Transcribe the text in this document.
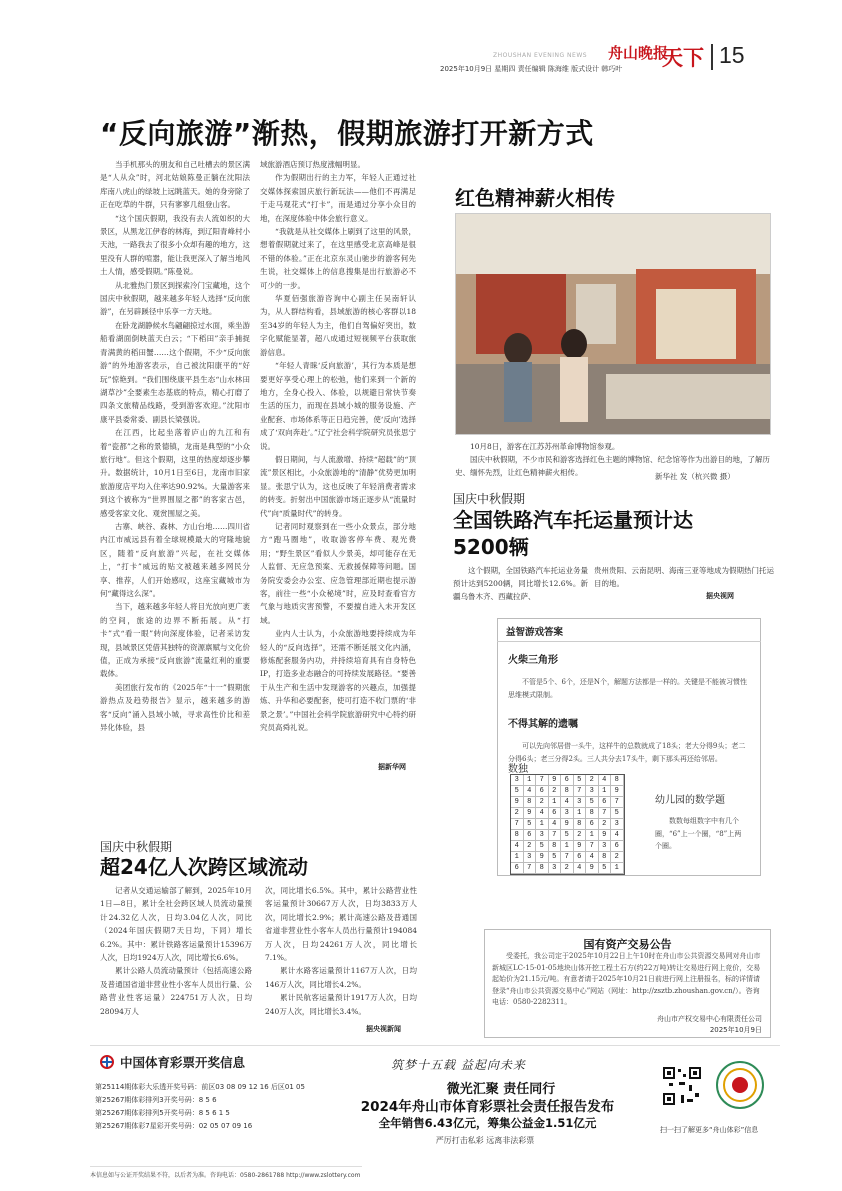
ZHOUSHAN EVENING NEWS 舟山晚报
天下 15
2025年10月9日 星期四 责任编辑 陈海维 版式设计 韩巧叶
“反向旅游”渐热，假期旅游打开新方式

当手机那头的朋友和自己吐槽去的景区满是“人从众”时，河北姑娘陈曼正躺在沈阳法库南八虎山的绿坡上远眺蓝天。她的身旁除了正在吃草的牛群，只有寥寥几组登山客。

“这个国庆假期，我没有去人流如织的大景区，从黑龙江伊春的林海，到辽阳青峰村小天池，一路我去了很多小众却有趣的地方，这里没有人群的喧嚣，能让我更深入了解当地风土人情，感受假期。”陈曼说。

从北雅热门景区到探索冷门宝藏地，这个国庆中秋假期，越来越多年轻人选择“反向旅游”，在另辟蹊径中乐享一方天地。

在卧龙湖静候水鸟翩翩掠过水面，乘坐游船看湖面倒映蓝天白云；“下稻田”亲手捕捉青满黄的稻田蟹……这个假期，不少“反向旅游”的外地游客表示，自己被沈阳康平的“好玩”惊艳到。“我们围绕康平县生态“山水林田湖草沙”全要素生态基底的特点，精心打磨了四条文旅精品线路，受到游客欢迎。”沈阳市康平县委常委、副县长梁强说。

在江西，比起坐落着庐山的九江和有着“瓷都”之称的景德镇，龙南是典型的“小众旅行地”。但这个假期，这里的热度却逐步攀升。数据统计，10月1日至6日，龙南市旧家旅游度店平均入住率达90.92%。大量游客来到这个被称为“世界围屋之都”的客家古邑，感受客家文化、观赏围屋之美。

古寨、峡谷、森林、方山台地……四川省内江市威远县有着全球规模最大的穹隆地貌区，随着“反向旅游”兴起，在社交媒体上，“打卡”威远的贴文被越来越多网民分享、推荐，人们开始感叹，这座宝藏城市为何“藏得这么深”。

当下，越来越多年轻人将目光放向更广袤的空间，旅途的边界不断拓展。从“打卡”式“看一眼”转向深度体验，记者采访发现，县域景区凭借其独特的资源禀赋与文化价值，正成为承接“反向旅游”流量红利的重要载体。

美团旅行发布的《2025年“十一”假期旅游热点及趋势报告》显示，越来越多的游客“反向”涌入县域小城，寻求高性价比和差异化体验，县

域旅游酒店预订热度涨幅明显。

作为假期出行的主力军，年轻人正通过社交媒体探索国庆旅行新玩法——他们不再满足于走马观花式“打卡”，而是通过分享小众目的地，在深度体验中体会旅行意义。

“我就是从社交媒体上刷到了这里的风景，想着假期就过来了，在这里感受北京高峰是很不错的体验。”正在北京东灵山驰步的游客何先生说，社交媒体上的信息搜集是出行旅游必不可少的一步。

华夏佰强旅游咨询中心副主任吴南轩认为，从人群结构看，县域旅游的核心客群以18至34岁的年轻人为主，他们自驾偏好突出，数字化赋能显著，超八成通过短视频平台获取旅游信息。

“年轻人青睐‘反向旅游’，其行为本质是想要更好享受心理上的松弛，他们来到一个新的地方，全身心投入、体验，以规避日常快节奏生活的压力，而现在县域小城的服务设施、产业配套、市场体系等正日趋完善，使‘反向’选择成了‘双向奔赴’。”辽宁社会科学院研究员张思宁说。

假日期间，与人流激增、持续“超载”的“顶流”景区相比，小众旅游地的“清静”优势更加明显。张思宁认为，这也反映了年轻消费者需求的转变。折射出中国旅游市场正逐步从“流量时代”向“质量时代”的转身。

记者同时观察到在一些小众景点，部分地方“跑马圈地”，收取游客停车费、观光费用；“野生景区”看似人少景美，却可能存在无人监督、无应急预案、无救援保障等问题。国务院安委会办公室、应急管理部近期也提示游客，前往一些“小众秘境”时，应及时查看官方气象与地质灾害预警，不要擅自进入未开发区域。

业内人士认为，小众旅游地要持续成为年轻人的“反向选择”，还需不断延展文化内涵，修炼配套服务内功，并持续培育具有自身特色IP，打造多业态融合的可持续发展路径。“要善于从生产和生活中发现游客的兴趣点，加强提炼、升华和必要配套，使可打造不收门票的‘非景之景’。”中国社会科学院旅游研究中心特约研究员高舜礼说。

据新华网
红色精神薪火相传

10月8日，游客在江苏苏州革命博物馆参观。

国庆中秋假期，不少市民和游客选择红色主题的博物馆、纪念馆等作为出游目的地，了解历史、缅怀先烈，让红色精神薪火相传。	新华社 发（杭兴微 摄）
国庆中秋假期
全国铁路汽车托运量预计达5200辆
这个假期，全国铁路汽车托运业务量预计达到5200辆，同比增长12.6%。新疆乌鲁木齐、西藏拉萨、
贵州贵阳、云南昆明、海南三亚等地成为假期热门托运目的地。
据央视网
益智游戏答案
火柴三角形

不管是5个、6个，还是N个，解题方法都是一样的。关键是不能被习惯性思维模式限制。

不得其解的遗嘱

可以先向邻居借一头牛，这样牛的总数就成了18头；老大分得9头；老二分得6头；老三分得2头。三人共分去17头牛，剩下那头再还给邻居。

数独
3	1	7	9	6	5	2	4	8
5	4	6	2	8	7	3	1	9
9	8	2	1	4	3	5	6	7
2	9	4	6	3	1	8	7	5
7	5	1	4	9	8	6	2	3
8	6	3	7	5	2	1	9	4
4	2	5	8	1	9	7	3	6
1	3	9	5	7	6	4	8	2
6	7	8	3	2	4	9	5	1
幼儿园的数学题

数数每组数字中有几个圈，“6”上一个圈，“8”上两个圈。

国庆中秋假期
超24亿人次跨区域流动

记者从交通运输部了解到，2025年10月1日—8日，累计全社会跨区域人员流动量预计24.32亿人次，日均3.04亿人次，同比（2024年国庆假期7天日均，下同）增长6.2%。其中：累计铁路客运量预计15396万人次，日均1924万人次，同比增长6.6%。

累计公路人员流动量预计（包括高速公路及普通国省道非营业性小客车人员出行量、公路营业性客运量）224751万人次，日均28094万人

次，同比增长6.5%。其中，累计公路营业性客运量预计30667万人次，日均3833万人次，同比增长2.9%；累计高速公路及普通国省道非营业性小客车人员出行量预计194084万人次，日均24261万人次，同比增长7.1%。

累计水路客运量预计1167万人次，日均146万人次，同比增长4.2%。

累计民航客运量预计1917万人次，日均240万人次，同比增长3.4%。

据央视新闻
国有资产交易公告

受委托，我公司定于2025年10月22日上午10时在舟山市公共资源交易网对舟山市新城区LC-15-01-05地块山体开挖工程土石方(约22万吨)转让交易进行网上竞价，交易起始价为21.15元/吨。有意者请于2025年10月21日前进行网上注册报名，标的详情请登录“舟山市公共资源交易中心”网站（网址：http://zsztb.zhoushan.gov.cn/）。咨询电话：0580-2282311。

舟山市产权交易中心有限责任公司
2025年10月9日
中国体育彩票开奖信息
第25114期体彩大乐透开奖号码：前区03 08 09 12 16 后区01 05
第25267期体彩排列3开奖号码：8 5 6
第25267期体彩排列5开奖号码：8 5 6 1 5
第25267期体彩7星彩开奖号码：02 05 07 09 16
本信息如与公证开奖结果不符，以后者为准。咨询电话：0580-2861788 http://www.zslottery.com
筑梦十五载 益起向未来
微光汇聚 责任同行
2024年舟山市体育彩票社会责任报告发布
全年销售6.43亿元，筹集公益金1.51亿元
严厉打击私彩 远离非法彩票
扫一扫了解更多“舟山体彩”信息
